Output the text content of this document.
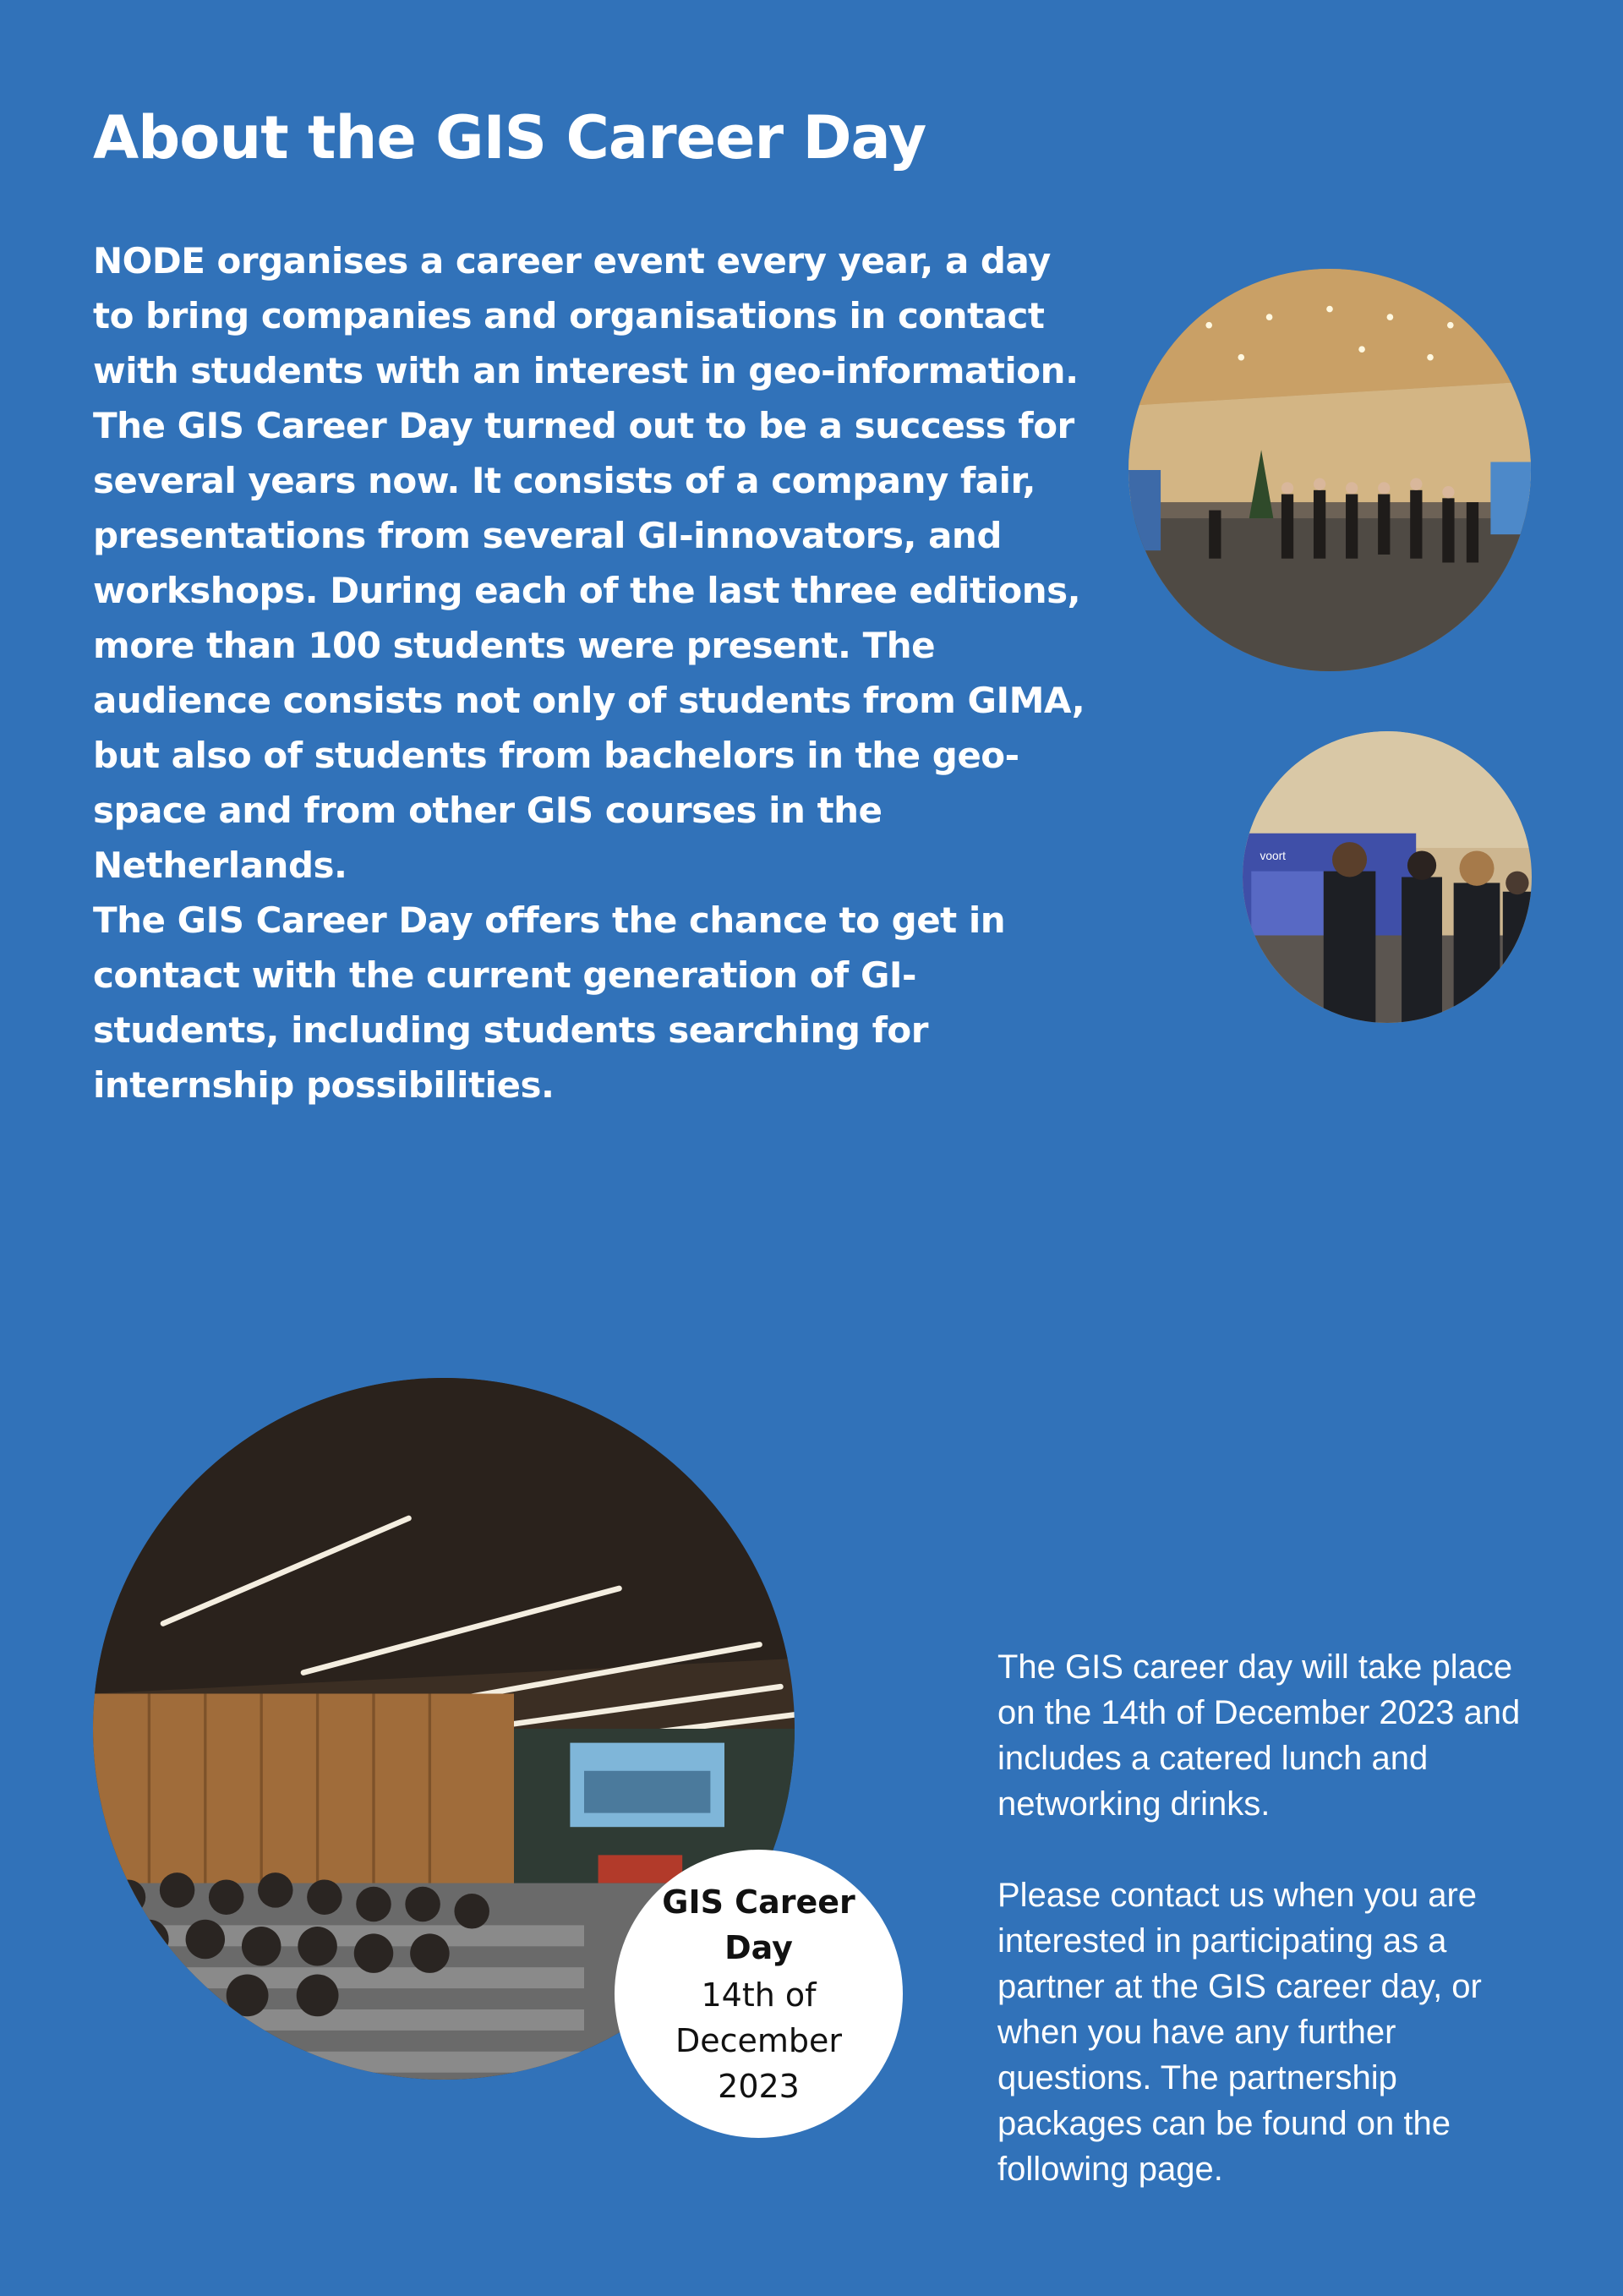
About the GIS Career Day

NODE organises a career event every year, a day to bring companies and organisations in contact with students with an interest in geo-information. The GIS Career Day turned out to be a success for several years now. It consists of a company fair, presentations from several GI-innovators, and workshops. During each of the last three editions, more than 100 students were present. The audience consists not only of students from GIMA, but also of students from bachelors in the geo-space and from other GIS courses in the Netherlands.

The GIS Career Day offers the chance to get in contact with the current generation of GI-students, including students searching for internship possibilities.

voort
GIS Career Day
14th of December 2023

The GIS career day will take place on the 14th of December 2023 and includes a catered lunch and networking drinks.

Please contact us when you are interested in participating as a partner at the GIS career day, or when you have any further questions. The partnership packages can be found on the following page.
